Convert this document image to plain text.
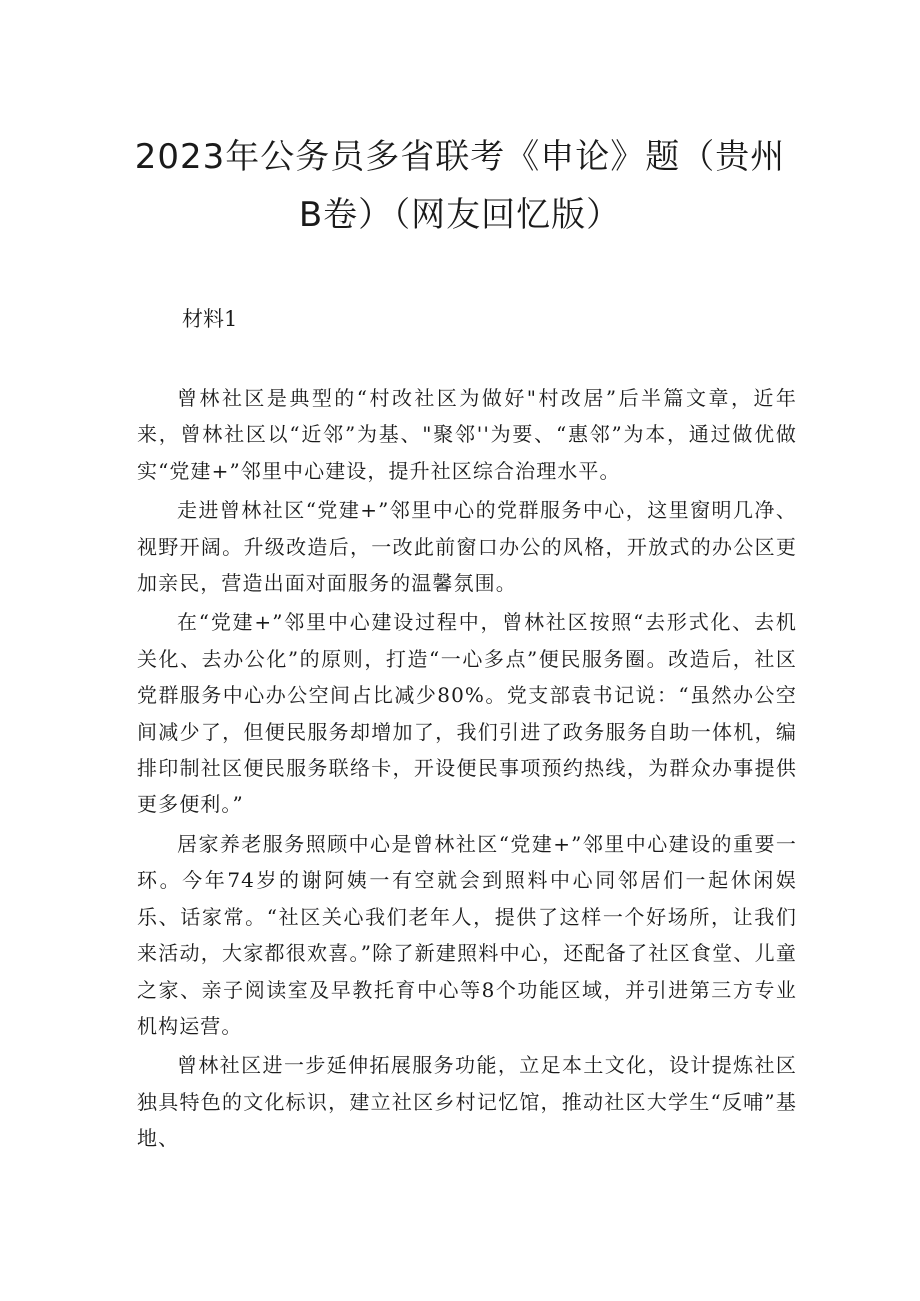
2023年公务员多省联考《申论》题（贵州
B卷）（网友回忆版）
材料1

曾林社区是典型的“村改社区为做好"村改居”后半篇文章，近年来，曾林社区以“近邻”为基、"聚邻''为要、“惠邻”为本，通过做优做实“党建+”邻里中心建设，提升社区综合治理水平。

走进曾林社区“党建+”邻里中心的党群服务中心，这里窗明几净、视野开阔。升级改造后，一改此前窗口办公的风格，开放式的办公区更加亲民，营造出面对面服务的温馨氛围。

在“党建+”邻里中心建设过程中，曾林社区按照“去形式化、去机关化、去办公化”的原则，打造“一心多点”便民服务圈。改造后，社区党群服务中心办公空间占比减少80%。党支部袁书记说：“虽然办公空间减少了，但便民服务却增加了，我们引进了政务服务自助一体机，编排印制社区便民服务联络卡，开设便民事项预约热线，为群众办事提供更多便利。”

居家养老服务照顾中心是曾林社区“党建+”邻里中心建设的重要一环。今年74岁的谢阿姨一有空就会到照料中心同邻居们一起休闲娱乐、话家常。“社区关心我们老年人，提供了这样一个好场所，让我们来活动，大家都很欢喜。”除了新建照料中心，还配备了社区食堂、儿童之家、亲子阅读室及早教托育中心等8个功能区域，并引进第三方专业机构运营。

曾林社区进一步延伸拓展服务功能，立足本土文化，设计提炼社区独具特色的文化标识，建立社区乡村记忆馆，推动社区大学生“反哺”基地、
